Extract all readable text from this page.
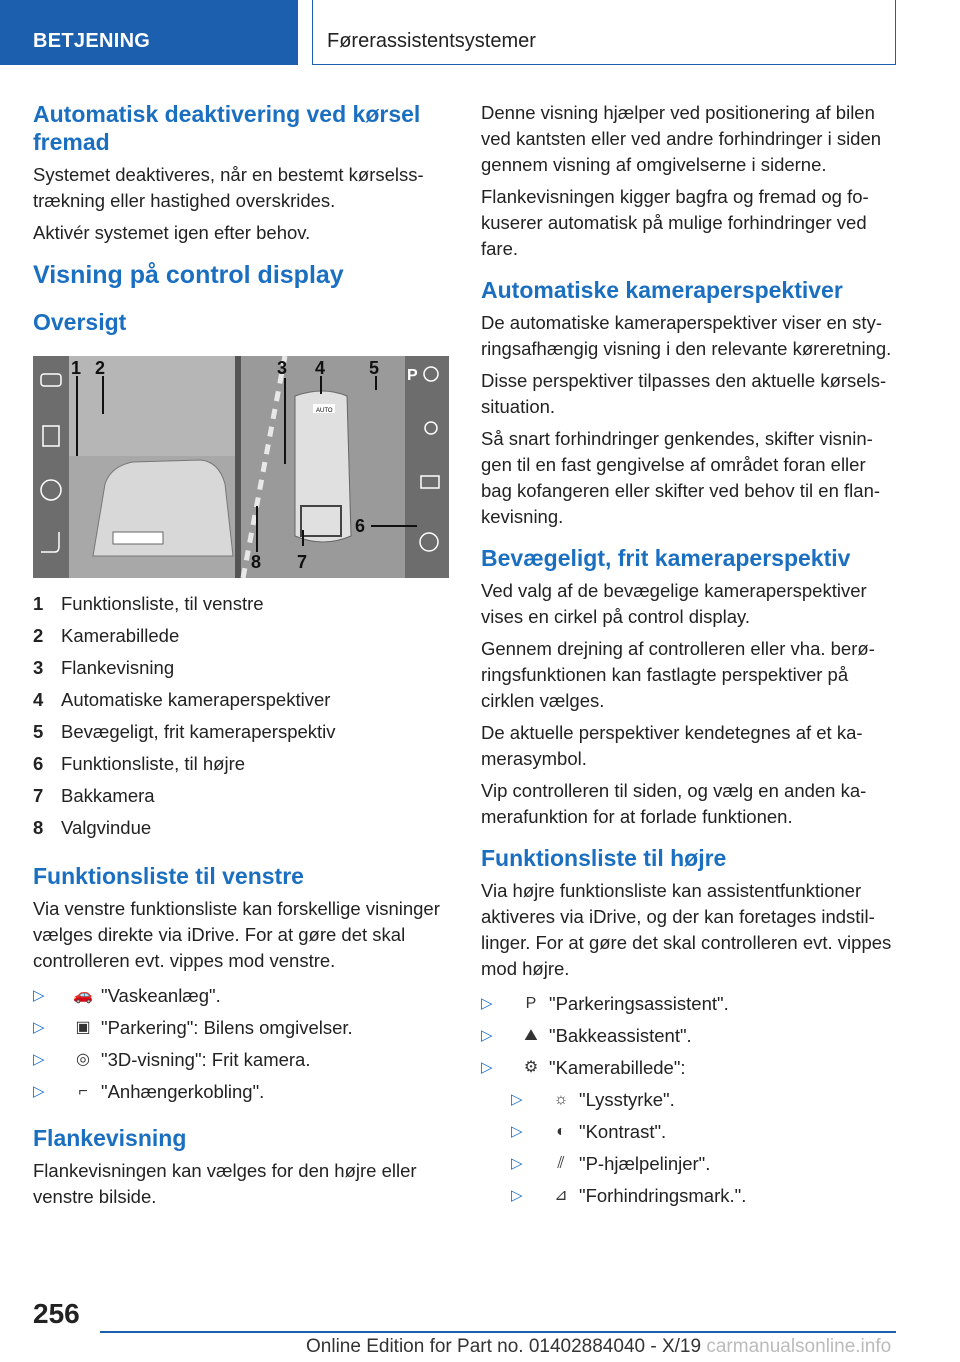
BETJENING	Førerassistentsystemer
Automatisk deaktivering ved kørsel fremad

Systemet deaktiveres, når en bestemt kørselsstrækning eller hastighed overskrides.

Aktivér systemet igen efter behov.

Visning på control display
Oversigt
AUTO
P
1 2	3 4 5
6
7
8
1 Funktionsliste, til venstre
2 Kamerabillede
3 Flankevisning
4 Automatiske kameraperspektiver
5 Bevægeligt, frit kameraperspektiv
6 Funktionsliste, til højre
7 Bakkamera
8 Valgvindue
Funktionsliste til venstre

Via venstre funktionsliste kan forskellige visninger vælges direkte via iDrive. For at gøre det skal controlleren evt. vippes mod venstre.

▷	🚗 "Vaskeanlæg".
▷	▣ "Parkering": Bilens omgivelser.
▷	◎ "3D-visning": Frit kamera.
▷	⌐ "Anhængerkobling".
Flankevisning

Flankevisningen kan vælges for den højre eller venstre bilside.

Denne visning hjælper ved positionering af bilen ved kantsten eller ved andre forhindringer i siden gennem visning af omgivelserne i siderne.

Flankevisningen kigger bagfra og fremad og fokuserer automatisk på mulige forhindringer ved fare.

Automatiske kameraperspektiver

De automatiske kameraperspektiver viser en styringsafhængig visning i den relevante køreretning.

Disse perspektiver tilpasses den aktuelle kørselssituation.

Så snart forhindringer genkendes, skifter visningen til en fast gengivelse af området foran eller bag kofangeren eller skifter ved behov til en flankevisning.

Bevægeligt, frit kameraperspektiv

Ved valg af de bevægelige kameraperspektiver vises en cirkel på control display.

Gennem drejning af controlleren eller vha. berøringsfunktionen kan fastlagte perspektiver på cirklen vælges.

De aktuelle perspektiver kendetegnes af et kamerasymbol.

Vip controlleren til siden, og vælg en anden kamerafunktion for at forlade funktionen.

Funktionsliste til højre

Via højre funktionsliste kan assistentfunktioner aktiveres via iDrive, og der kan foretages indstillinger. For at gøre det skal controlleren evt. vippes mod højre.

▷	P "Parkeringsassistent".
▷	⛰ "Bakkeassistent".
▷	⚙ "Kamerabillede":
▷	☼ "Lysstyrke".
▷	◐ "Kontrast".
▷	⫽ "P-hjælpelinjer".
▷	⊿ "Forhindringsmark.".
256
Online Edition for Part no. 01402884040 - X/19 carmanualsonline.info
